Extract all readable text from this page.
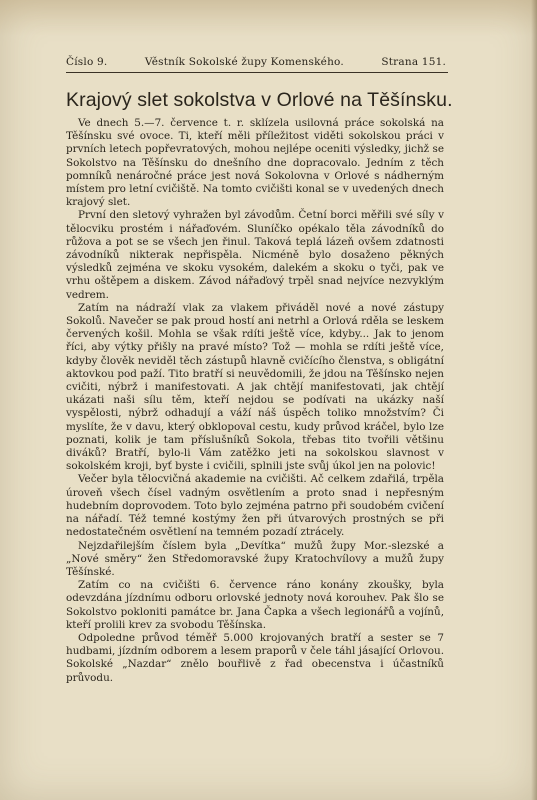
Číslo 9.	Věstník Sokolské župy Komenského.	Strana 151.
Krajový slet sokolstva v Orlové na Těšínsku.

Ve dnech 5.—7. července t. r. sklízela usilovná práce sokolská na Těšínsku své ovoce. Ti, kteří měli příležitost viděti sokolskou práci v prvních letech popřevratových, mohou nejlépe oceniti výsledky, jichž se Sokolstvo na Těšínsku do dnešního dne dopracovalo. Jedním z těch pomníků nenáročné práce jest nová Sokolovna v Orlové s nádherným místem pro letní cvičiště. Na tomto cvičišti konal se v uvedených dnech krajový slet.

První den sletový vyhražen byl závodům. Četní borci měřili své síly v tělocviku prostém i nářaďovém. Sluníčko opékalo těla závodníků do růžova a pot se se všech jen řinul. Taková teplá lázeň ovšem zdatnosti závodníků nikterak nepřispěla. Nicméně bylo dosaženo pěkných výsledků zejména ve skoku vysokém, dalekém a skoku o tyči, pak ve vrhu oštěpem a diskem. Závod nářaďový trpěl snad nejvíce nezvyklým vedrem.

Zatím na nádraží vlak za vlakem přiváděl nové a nové zástupy Sokolů. Navečer se pak proud hostí ani netrhl a Orlová rděla se leskem červených košil. Mohla se však rdíti ještě více, kdyby... Jak to jenom říci, aby výtky přišly na pravé místo? Tož — mohla se rdíti ještě více, kdyby člověk neviděl těch zástupů hlavně cvičícího členstva, s obligátní aktovkou pod paží. Tito bratří si neuvědomili, že jdou na Těšínsko nejen cvičiti, nýbrž i manifestovati. A jak chtějí manifestovati, jak chtějí ukázati naši sílu těm, kteří nejdou se podívati na ukázky naší vyspělosti, nýbrž odhadují a váží náš úspěch toliko množstvím? Či myslíte, že v davu, který obklopoval cestu, kudy průvod kráčel, bylo lze poznati, kolik je tam příslušníků Sokola, třebas tito tvořili většinu diváků? Bratří, bylo-li Vám zatěžko jeti na sokolskou slavnost v sokolském kroji, byť byste i cvičili, splnili jste svůj úkol jen na polovic!

Večer byla tělocvičná akademie na cvičišti. Ač celkem zdařilá, trpěla úroveň všech čísel vadným osvětlením a proto snad i nepřesným hudebním doprovodem. Toto bylo zejména patrno při soudobém cvičení na nářadí. Též temné kostýmy žen při útvarových prostných se při nedostatečném osvětlení na temném pozadí ztrácely.

Nejzdařilejším číslem byla „Devítka“ mužů župy Mor.-slezské a „Nové směry“ žen Středomoravské župy Kratochvílovy a mužů župy Těšínské.

Zatím co na cvičišti 6. července ráno konány zkoušky, byla odevzdána jízdnímu odboru orlovské jednoty nová korouhev. Pak šlo se Sokolstvo pokloniti památce br. Jana Čapka a všech legionářů a vojínů, kteří prolili krev za svobodu Těšínska.

Odpoledne průvod téměř 5.000 krojovaných bratří a sester se 7 hudbami, jízdním odborem a lesem praporů v čele táhl jásající Orlovou. Sokolské „Nazdar“ znělo bouřlivě z řad obecenstva i účastníků průvodu.
